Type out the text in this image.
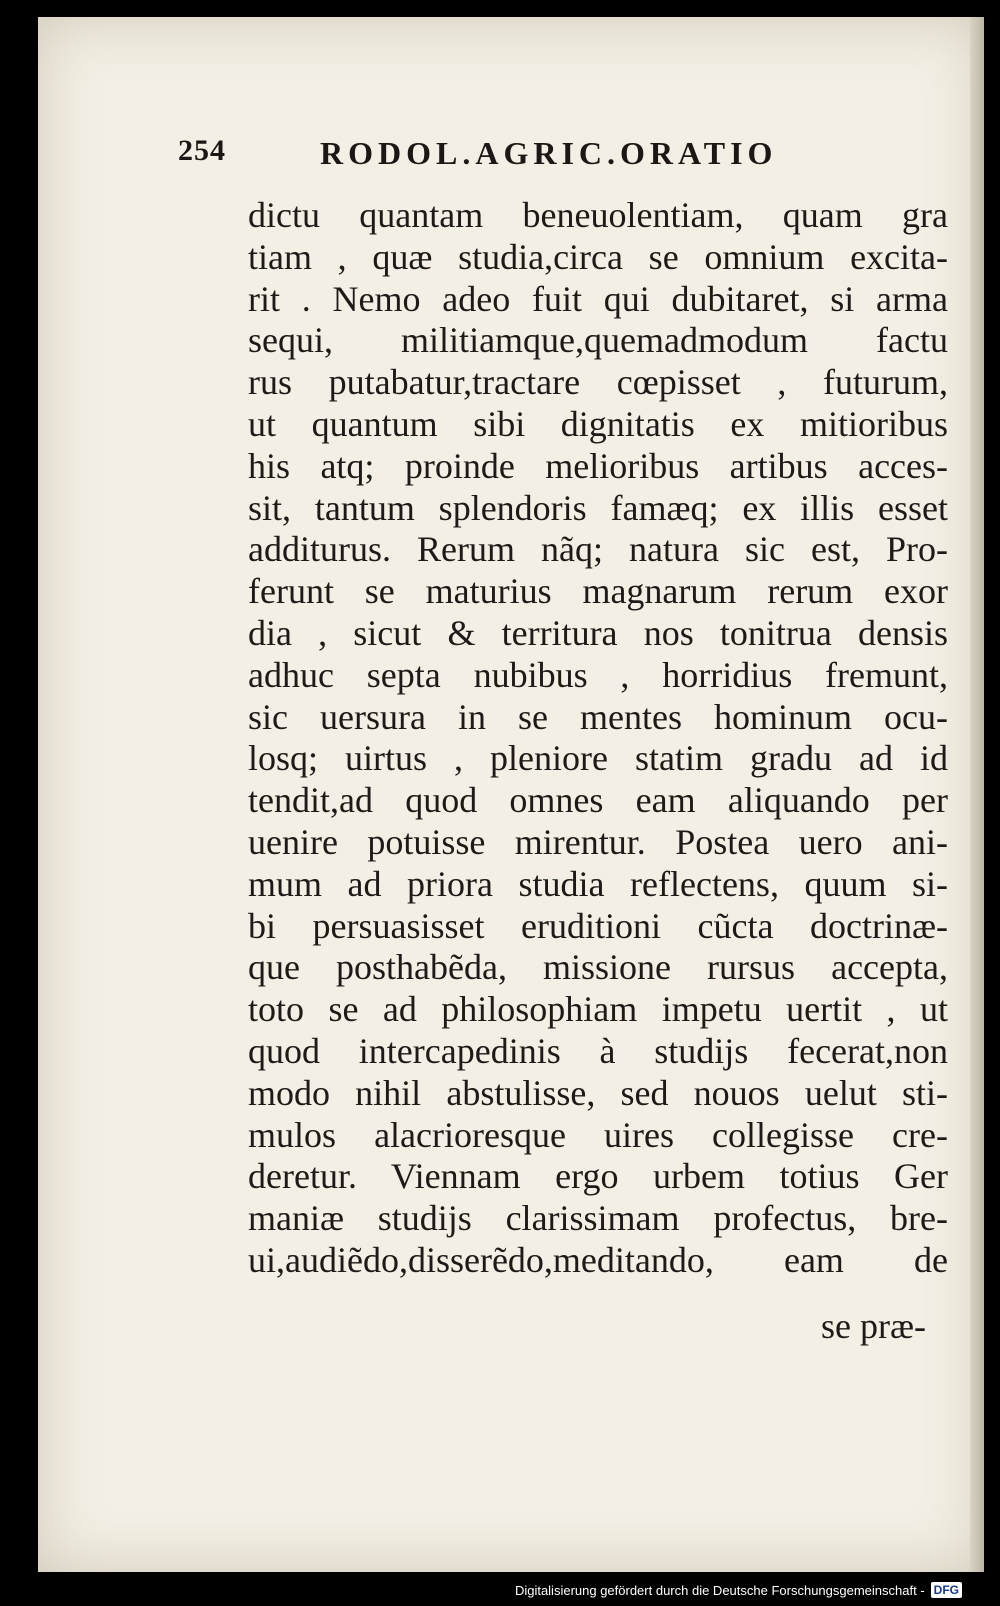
254	RODOL.AGRIC.ORATIO
dictu quantam beneuolentiam, quam gra
tiam , quæ studia,circa se omnium excita-
rit . Nemo adeo fuit qui dubitaret, si arma
sequi, militiamque,quemadmodum factu
rus putabatur,tractare cœpisset , futurum,
ut quantum sibi dignitatis ex mitioribus
his atq; proinde melioribus artibus acces-
sit, tantum splendoris famæq; ex illis esset
additurus. Rerum nãq; natura sic est, Pro-
ferunt se maturius magnarum rerum exor
dia , sicut & territura nos tonitrua densis
adhuc septa nubibus , horridius fremunt,
sic uersura in se mentes hominum ocu-
losq; uirtus , pleniore statim gradu ad id
tendit,ad quod omnes eam aliquando per
uenire potuisse mirentur. Postea uero ani-
mum ad priora studia reflectens, quum si-
bi persuasisset eruditioni cũcta doctrinæ-
que posthabẽda, missione rursus accepta,
toto se ad philosophiam impetu uertit , ut
quod intercapedinis à studijs fecerat,non
modo nihil abstulisse, sed nouos uelut sti-
mulos alacrioresque uires collegisse cre-
deretur. Viennam ergo urbem totius Ger
maniæ studijs clarissimam profectus, bre-
ui,audiẽdo,disserẽdo,meditando, eam de
se præ-
Digitalisierung gefördert durch die Deutsche Forschungsgemeinschaft - DFG
